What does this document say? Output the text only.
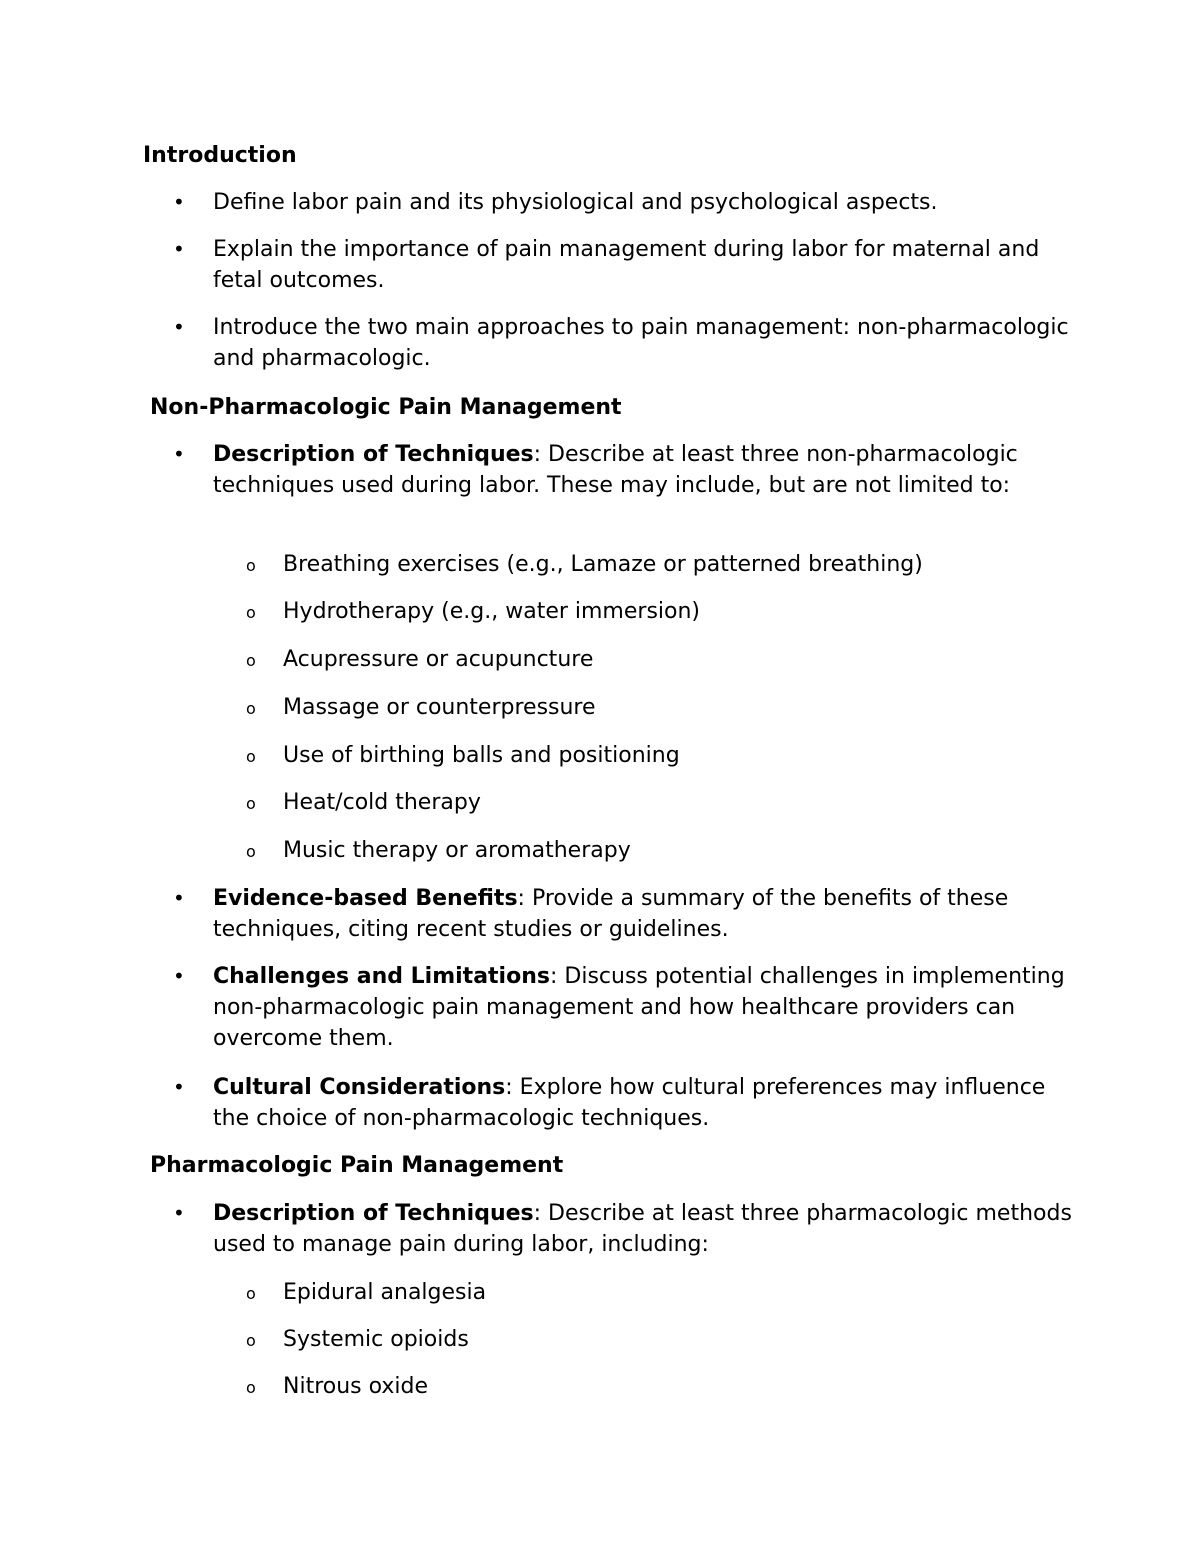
Introduction

• Define labor pain and its physiological and psychological aspects.

• Explain the importance of pain management during labor for maternal and fetal outcomes.

• Introduce the two main approaches to pain management: non-pharmacologic and pharmacologic.

Non-Pharmacologic Pain Management

• Description of Techniques: Describe at least three non-pharmacologic techniques used during labor. These may include, but are not limited to:

o Breathing exercises (e.g., Lamaze or patterned breathing)

o Hydrotherapy (e.g., water immersion)

o Acupressure or acupuncture

o Massage or counterpressure

o Use of birthing balls and positioning

o Heat/cold therapy

o Music therapy or aromatherapy

• Evidence-based Benefits: Provide a summary of the benefits of these techniques, citing recent studies or guidelines.

• Challenges and Limitations: Discuss potential challenges in implementing non-pharmacologic pain management and how healthcare providers can overcome them.

• Cultural Considerations: Explore how cultural preferences may influence the choice of non-pharmacologic techniques.

Pharmacologic Pain Management

• Description of Techniques: Describe at least three pharmacologic methods used to manage pain during labor, including:

o Epidural analgesia

o Systemic opioids

o Nitrous oxide
